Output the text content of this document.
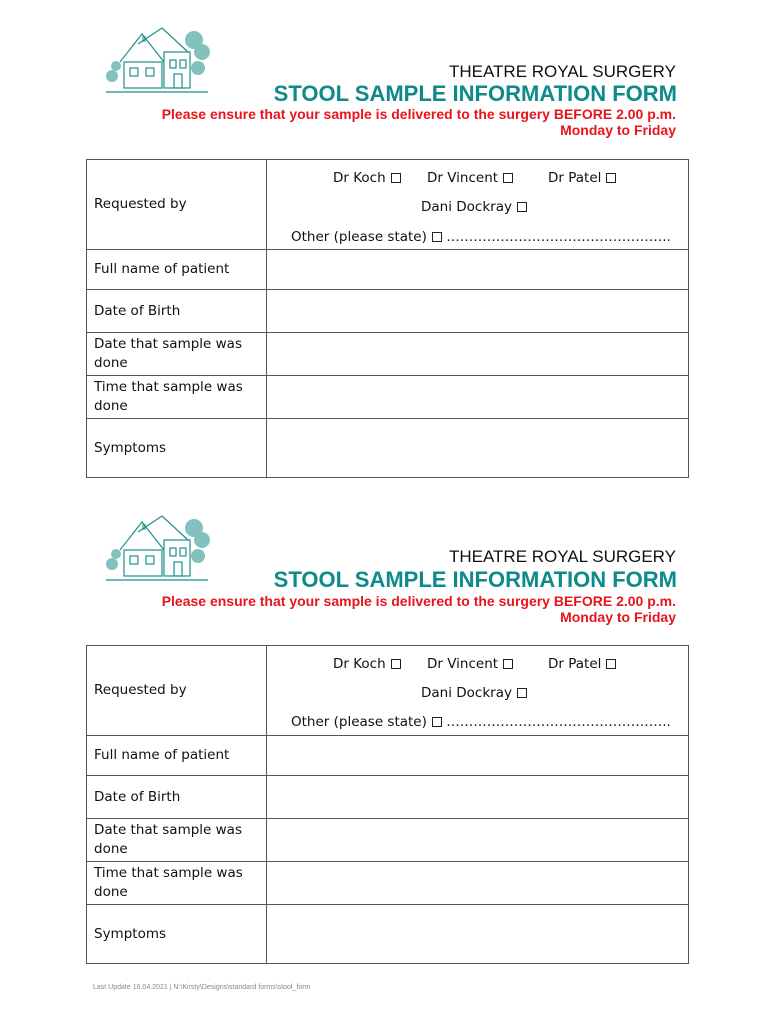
THEATRE ROYAL SURGERY
STOOL SAMPLE INFORMATION FORM
Please ensure that your sample is delivered to the surgery BEFORE 2.00 p.m.
Monday to Friday
Requested by	Dr Koch Dr Vincent Dr Patel
Dani Dockray
Other (please state) …………………………………………..

Full name of patient	
Date of Birth	
Date that sample was done	
Time that sample was done	
Symptoms	
THEATRE ROYAL SURGERY
STOOL SAMPLE INFORMATION FORM
Please ensure that your sample is delivered to the surgery BEFORE 2.00 p.m.
Monday to Friday
Requested by	Dr Koch Dr Vincent Dr Patel
Dani Dockray
Other (please state) …………………………………………..

Full name of patient	
Date of Birth	
Date that sample was done	
Time that sample was done	
Symptoms	
Last Update 16.04.2021 | N:\Kirsty\Designs\standard forms\stool_form
